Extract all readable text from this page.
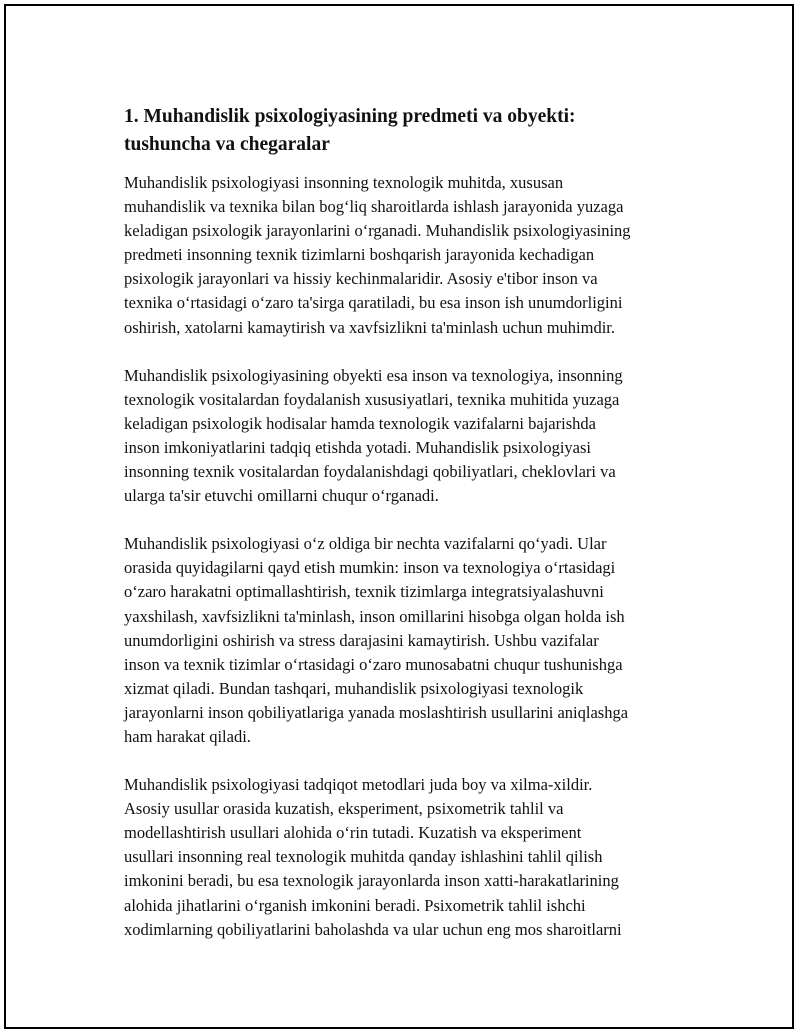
1. Muhandislik psixologiyasining predmeti va obyekti:
tushuncha va chegaralar

Muhandislik psixologiyasi insonning texnologik muhitda, xususan
muhandislik va texnika bilan bog‘liq sharoitlarda ishlash jarayonida yuzaga
keladigan psixologik jarayonlarini o‘rganadi. Muhandislik psixologiyasining
predmeti insonning texnik tizimlarni boshqarish jarayonida kechadigan
psixologik jarayonlari va hissiy kechinmalaridir. Asosiy e'tibor inson va
texnika o‘rtasidagi o‘zaro ta'sirga qaratiladi, bu esa inson ish unumdorligini
oshirish, xatolarni kamaytirish va xavfsizlikni ta'minlash uchun muhimdir.

Muhandislik psixologiyasining obyekti esa inson va texnologiya, insonning
texnologik vositalardan foydalanish xususiyatlari, texnika muhitida yuzaga
keladigan psixologik hodisalar hamda texnologik vazifalarni bajarishda
inson imkoniyatlarini tadqiq etishda yotadi. Muhandislik psixologiyasi
insonning texnik vositalardan foydalanishdagi qobiliyatlari, cheklovlari va
ularga ta'sir etuvchi omillarni chuqur o‘rganadi.

Muhandislik psixologiyasi o‘z oldiga bir nechta vazifalarni qo‘yadi. Ular
orasida quyidagilarni qayd etish mumkin: inson va texnologiya o‘rtasidagi
o‘zaro harakatni optimallashtirish, texnik tizimlarga integratsiyalashuvni
yaxshilash, xavfsizlikni ta'minlash, inson omillarini hisobga olgan holda ish
unumdorligini oshirish va stress darajasini kamaytirish. Ushbu vazifalar
inson va texnik tizimlar o‘rtasidagi o‘zaro munosabatni chuqur tushunishga
xizmat qiladi. Bundan tashqari, muhandislik psixologiyasi texnologik
jarayonlarni inson qobiliyatlariga yanada moslashtirish usullarini aniqlashga
ham harakat qiladi.

Muhandislik psixologiyasi tadqiqot metodlari juda boy va xilma-xildir.
Asosiy usullar orasida kuzatish, eksperiment, psixometrik tahlil va
modellashtirish usullari alohida o‘rin tutadi. Kuzatish va eksperiment
usullari insonning real texnologik muhitda qanday ishlashini tahlil qilish
imkonini beradi, bu esa texnologik jarayonlarda inson xatti-harakatlarining
alohida jihatlarini o‘rganish imkonini beradi. Psixometrik tahlil ishchi
xodimlarning qobiliyatlarini baholashda va ular uchun eng mos sharoitlarni
